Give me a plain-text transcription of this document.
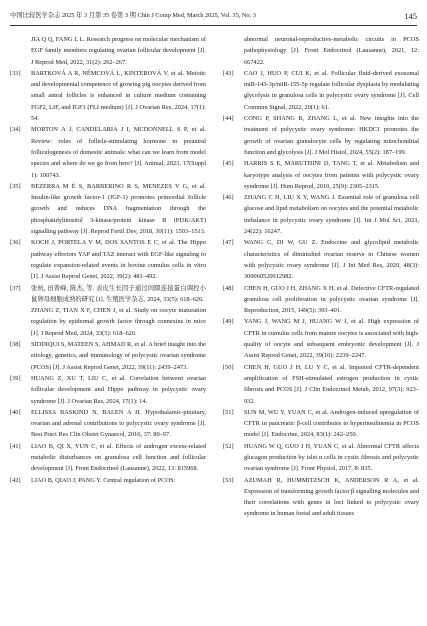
中国比较医学杂志 2025 年 3 月第 35 卷第 3 期 Chin J Comp Med, March 2025, Vol. 35, No. 3	145
JIA Q Q, FANG L L. Research progress on molecular mechanism of EGF family members regulating ovarian follicular development [J]. J Reprod Med, 2022, 31(2): 262–267.
[33] BARTKOVÁ A R, NĚMCOVÁ L, KINTEROVÁ V, et al. Meiotic and developmental competence of growing pig oocytes derived from small antral follicles is enhanced in culture medium containing FGF2, LIF, and IGF1 (FLI medium) [J]. J Ovarian Res, 2024, 17(1): 54.
[34] MORTON A J, CANDELARIA J I, MCDONNELL S P, et al. Review: roles of follicle-stimulating hormone in preantral folliculogenesis of domestic animals: what can we learn from model species and where do we go from here? [J]. Animal, 2023, 17(Suppl 1): 100743.
[35] BEZERRA M É S, BARBERINO R S, MENEZES V G, et al. Insulin-like growth factor-1 (IGF-1) promotes primordial follicle growth and reduces DNA fragmentation through the phosphatidylinositol 3-kinase/protein kinase B (PI3K/AKT) signalling pathway [J]. Reprod Fertil Dev, 2018, 30(11): 1503–1513.
[36] KOCH J, PORTELA V M, DOS SANTOS E C, et al. The Hippo pathway effectors YAP and TAZ interact with EGF-like signaling to regulate expansion-related events in bovine cumulus cells in vitro [J]. J Assist Reprod Genet, 2022, 39(2): 481–492.
[37] 张杭, 田菁峰, 陈杰, 等. 表皮生长因子通过间隙连接蛋白调控小鼠卵母细胞成熟的研究 [J]. 生殖医学杂志, 2024, 33(5): 618–626.
ZHANG Z, TIAN X F, CHEN J, et al. Study on oocyte maturation regulation by epidermal growth factor through connexins in mice [J]. J Reprod Med, 2024, 33(5): 618–626.
[38] SIDDIQUI S, MATEEN S, AHMAD R, et al. A brief insight into the etiology, genetics, and immunology of polycystic ovarian syndrome (PCOS) [J]. J Assist Reprod Genet, 2022, 39(11): 2439–2473.
[39] HUANG Z, XU T, LIU C, et al. Correlation between ovarian follicular development and Hippo pathway in polycystic ovary syndrome [J]. J Ovarian Res, 2024, 17(1): 14.
[40] ELLISSA BASKIND N, BALEN A H. Hypothalamic-pituitary, ovarian and adrenal contributions to polycystic ovary syndrome [J]. Best Pract Res Clin Obstet Gynaecol, 2016, 37: 80–97.
[41] LIAO B, QI X, YUN C, et al. Effects of androgen excess-related metabolic disturbances on granulosa cell function and follicular development [J]. Front Endocrinol (Lausanne), 2022, 13: 815968.
[42] LIAO B, QIAO J, PANG Y. Central regulation of PCOS:
abnormal neuronal-reproductive-metabolic circuits in PCOS pathophysiology [J]. Front Endocrinol (Lausanne), 2021, 12: 667422.
[43] CAO J, HUO P, CUI K, et al. Follicular fluid-derived exosomal miR-143-3p/miR-155-5p regulate follicular dysplasia by modulating glycolysis in granulosa cells in polycystic ovary syndrome [J]. Cell Commun Signal, 2022, 20(1): 61.
[44] CONG P, SHANG B, ZHANG L, et al. New insights into the treatment of polycystic ovary syndrome: HKDC1 promotes the growth of ovarian granulocyte cells by regulating mitochondrial function and glycolysis [J]. J Mol Histol, 2024, 55(2): 187–199.
[45] HARRIS S E, MARUTHINI D, TANG T, et al. Metabolism and karyotype analysis of oocytes from patients with polycystic ovary syndrome [J]. Hum Reprod, 2010, 25(9): 2305–2315.
[46] ZHANG C H, LIU X Y, WANG J. Essential role of granulosa cell glucose and lipid metabolism on oocytes and the potential metabolic imbalance in polycystic ovary syndrome [J]. Int J Mol Sci, 2023, 24(22): 16247.
[47] WANG C, DI W, GU Z. Endocrine and glycolipid metabolic characteristics of diminished ovarian reserve in Chinese women with polycystic ovary syndrome [J]. J Int Med Res, 2020, 48(3): 300060520912982.
[48] CHEN H, GUO J H, ZHANG X H, et al. Defective CFTR-regulated granulosa cell proliferation in polycystic ovarian syndrome [J]. Reproduction, 2015, 149(5): 393–401.
[49] YANG J, WANG M J, HUANG W J, et al. High expression of CFTR in cumulus cells from mature oocytes is associated with high-quality of oocyte and subsequent embryonic development [J]. J Assist Reprod Genet, 2022, 39(10): 2239–2247.
[50] CHEN H, GUO J H, LU Y C, et al. Impaired CFTR-dependent amplification of FSH-stimulated estrogen production in cystic fibrosis and PCOS [J]. J Clin Endocrinol Metab, 2012, 97(3): 923–932.
[51] SUN M, WU Y, YUAN C, et al. Androgen-induced upregulation of CFTR in pancreatic β-cell contributes to hyperinsulinemia in PCOS model [J]. Endocrine, 2024, 83(1): 242–250.
[52] HUANG W Q, GUO J H, YUAN C, et al. Abnormal CFTR affects glucagon production by islet α cells in cystic fibrosis and polycystic ovarian syndrome [J]. Front Physiol, 2017, 8: 835.
[53] AZUMAH R, HUMMITZSCH K, ANDERSON R A, et al. Expression of transforming growth factor β signalling molecules and their correlations with genes in loci linked to polycystic ovary syndrome in human foetal and adult tissues
